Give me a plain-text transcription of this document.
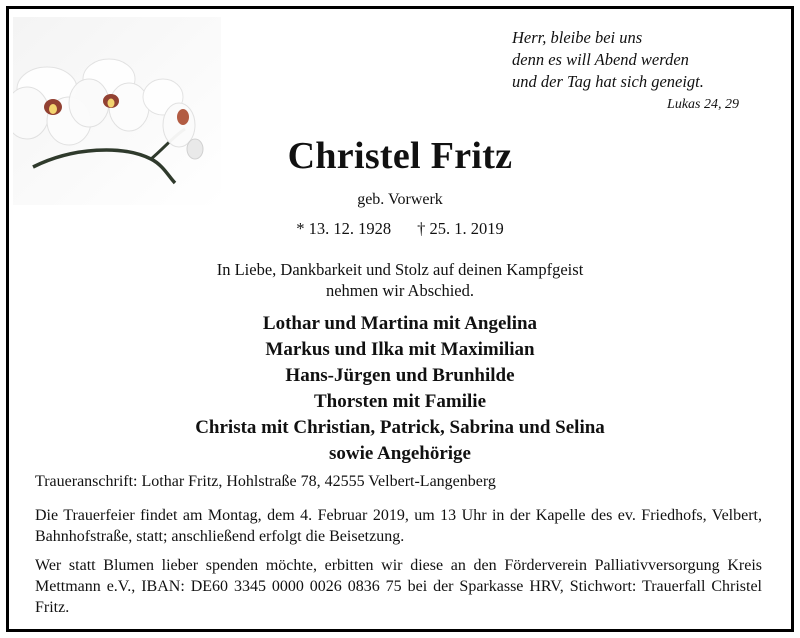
Herr, bleibe bei uns
denn es will Abend werden
und der Tag hat sich geneigt.
Lukas 24, 29
Christel Fritz
geb. Vorwerk
* 13. 12. 1928 † 25. 1. 2019
In Liebe, Dankbarkeit und Stolz auf deinen Kampfgeist
nehmen wir Abschied.
Lothar und Martina mit Angelina
Markus und Ilka mit Maximilian
Hans-Jürgen und Brunhilde
Thorsten mit Familie
Christa mit Christian, Patrick, Sabrina und Selina
sowie Angehörige
Traueranschrift: Lothar Fritz, Hohlstraße 78, 42555 Velbert-Langenberg
Die Trauerfeier findet am Montag, dem 4. Februar 2019, um 13 Uhr in der Kapelle des ev. Friedhofs, Velbert, Bahnhofstraße, statt; anschließend erfolgt die Beisetzung.
Wer statt Blumen lieber spenden möchte, erbitten wir diese an den Förderverein Palliativversorgung Kreis Mettmann e.V., IBAN: DE60 3345 0000 0026 0836 75 bei der Sparkasse HRV, Stichwort: Trauerfall Christel Fritz.
